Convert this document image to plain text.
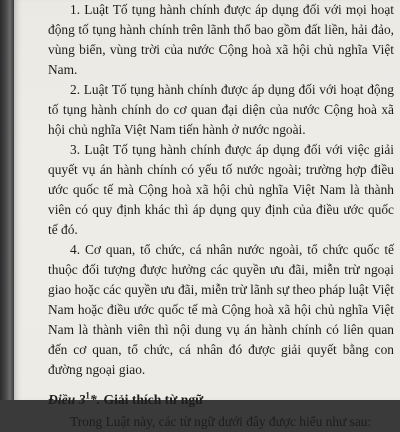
1. Luật Tố tụng hành chính được áp dụng đối với mọi hoạt động tố tụng hành chính trên lãnh thổ bao gồm đất liền, hải đảo, vùng biển, vùng trời của nước Cộng hoà xã hội chủ nghĩa Việt Nam.

2. Luật Tố tụng hành chính được áp dụng đối với hoạt động tố tụng hành chính do cơ quan đại diện của nước Cộng hoà xã hội chủ nghĩa Việt Nam tiến hành ở nước ngoài.

3. Luật Tố tụng hành chính được áp dụng đối với việc giải quyết vụ án hành chính có yếu tố nước ngoài; trường hợp điều ước quốc tế mà Cộng hoà xã hội chủ nghĩa Việt Nam là thành viên có quy định khác thì áp dụng quy định của điều ước quốc tế đó.

4. Cơ quan, tổ chức, cá nhân nước ngoài, tổ chức quốc tế thuộc đối tượng được hưởng các quyền ưu đãi, miễn trừ ngoại giao hoặc các quyền ưu đãi, miễn trừ lãnh sự theo pháp luật Việt Nam hoặc điều ước quốc tế mà Cộng hoà xã hội chủ nghĩa Việt Nam là thành viên thì nội dung vụ án hành chính có liên quan đến cơ quan, tổ chức, cá nhân đó được giải quyết bằng con đường ngoại giao.

Điều $3^1*$. Giải thích từ ngữ

Trong Luật này, các từ ngữ dưới đây được hiểu như sau:
